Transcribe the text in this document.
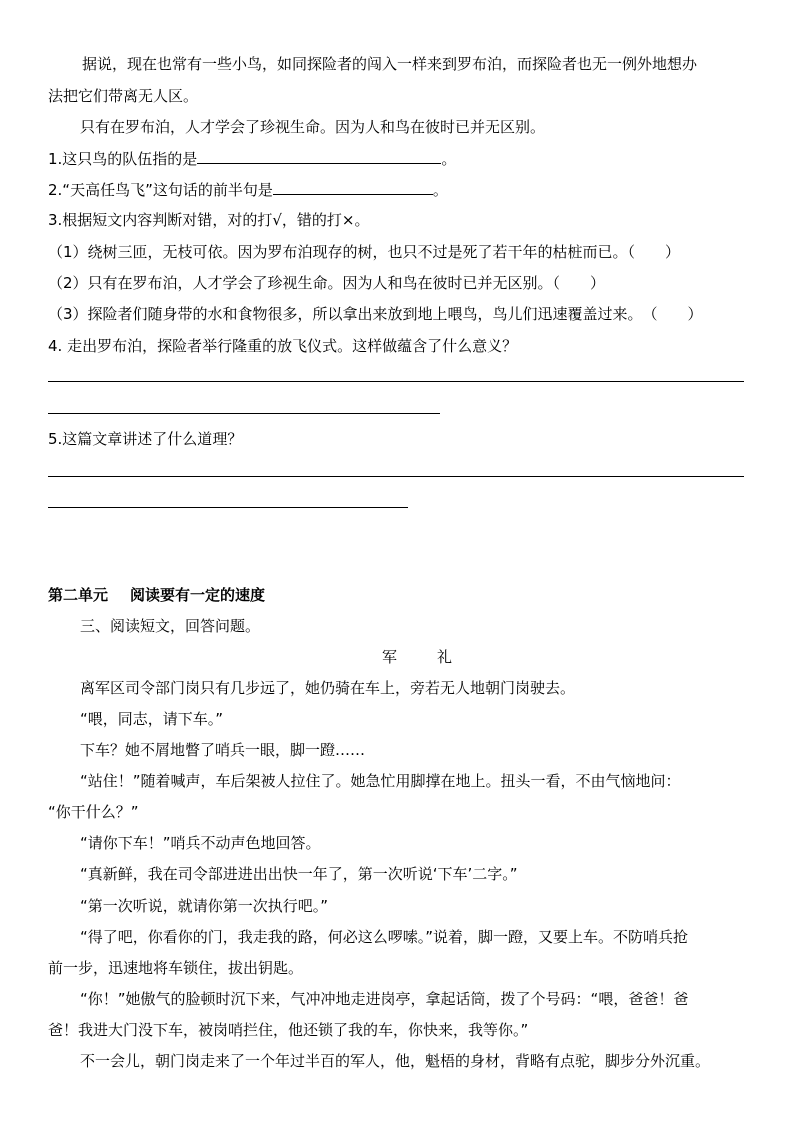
据说，现在也常有一些小鸟，如同探险者的闯入一样来到罗布泊，而探险者也无一例外地想办
法把它们带离无人区。
只有在罗布泊，人才学会了珍视生命。因为人和鸟在彼时已并无区别。
1.这只鸟的队伍指的是	。
2.“天高任鸟飞”这句话的前半句是	。
3.根据短文内容判断对错，对的打√，错的打×。
（1）绕树三匝，无枝可依。因为罗布泊现存的树，也只不过是死了若干年的枯桩而已。（　　）
（2）只有在罗布泊，人才学会了珍视生命。因为人和鸟在彼时已并无区别。（　　）
（3）探险者们随身带的水和食物很多，所以拿出来放到地上喂鸟，鸟儿们迅速覆盖过来。　（　　）
4. 走出罗布泊，探险者举行隆重的放飞仪式。这样做蕴含了什么意义？
5.这篇文章讲述了什么道理？
第二单元 阅读要有一定的速度
三、阅读短文，回答问题。
军	礼
离军区司令部门岗只有几步远了，她仍骑在车上，旁若无人地朝门岗驶去。
“喂，同志，请下车。”
下车？她不屑地瞥了哨兵一眼，脚一蹬……
“站住！”随着喊声，车后架被人拉住了。她急忙用脚撑在地上。扭头一看，不由气恼地问：
“你干什么？”
“请你下车！”哨兵不动声色地回答。
“真新鲜，我在司令部进进出出快一年了，第一次听说‘下车’二字。”
“第一次听说，就请你第一次执行吧。”
“得了吧，你看你的门，我走我的路，何必这么啰嗦。”说着，脚一蹬，又要上车。不防哨兵抢
前一步，迅速地将车锁住，拔出钥匙。
“你！”她傲气的脸顿时沉下来，气冲冲地走进岗亭，拿起话筒，拨了个号码：“喂，爸爸！爸
爸！我进大门没下车，被岗哨拦住，他还锁了我的车，你快来，我等你。”
不一会儿，朝门岗走来了一个年过半百的军人，他，魁梧的身材，背略有点驼，脚步分外沉重。
